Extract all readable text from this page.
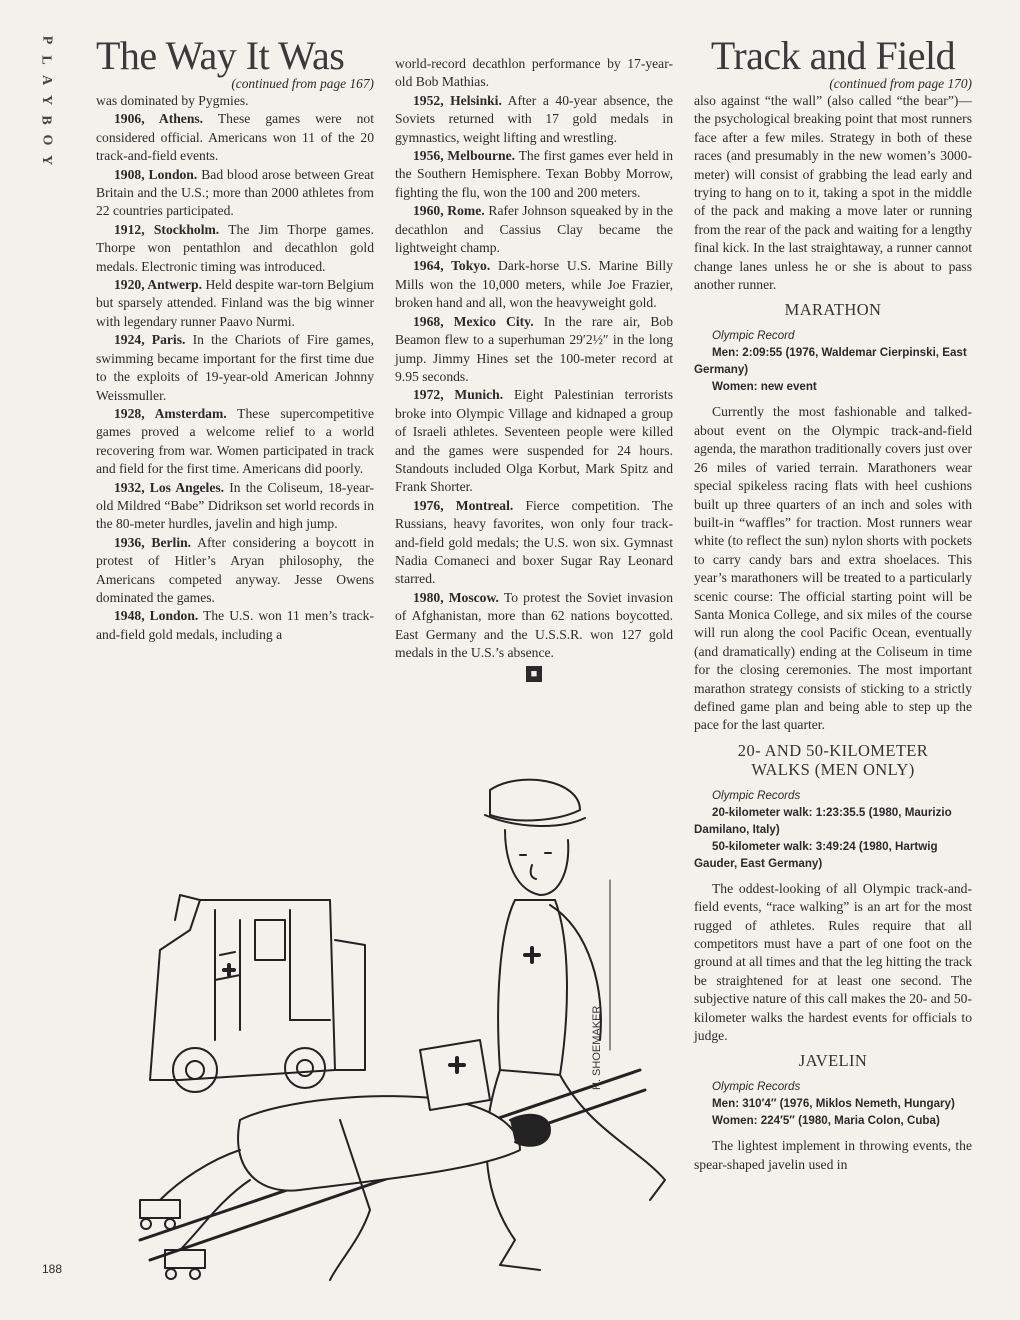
P
L
A
Y
B
O
Y
The Way It Was

(continued from page 167)

was dominated by Pygmies.

1906, Athens. These games were not considered official. Americans won 11 of the 20 track-and-field events.

1908, London. Bad blood arose between Great Britain and the U.S.; more than 2000 athletes from 22 countries participated.

1912, Stockholm. The Jim Thorpe games. Thorpe won pentathlon and decathlon gold medals. Electronic timing was introduced.

1920, Antwerp. Held despite war-torn Belgium but sparsely attended. Finland was the big winner with legendary runner Paavo Nurmi.

1924, Paris. In the Chariots of Fire games, swimming became important for the first time due to the exploits of 19-year-old American Johnny Weissmuller.

1928, Amsterdam. These supercompetitive games proved a welcome relief to a world recovering from war. Women participated in track and field for the first time. Americans did poorly.

1932, Los Angeles. In the Coliseum, 18-year-old Mildred “Babe” Didrikson set world records in the 80-meter hurdles, javelin and high jump.

1936, Berlin. After considering a boycott in protest of Hitler’s Aryan philosophy, the Americans competed anyway. Jesse Owens dominated the games.

1948, London. The U.S. won 11 men’s track-and-field gold medals, including a

world-record decathlon performance by 17-year-old Bob Mathias.

1952, Helsinki. After a 40-year absence, the Soviets returned with 17 gold medals in gymnastics, weight lifting and wrestling.

1956, Melbourne. The first games ever held in the Southern Hemisphere. Texan Bobby Morrow, fighting the flu, won the 100 and 200 meters.

1960, Rome. Rafer Johnson squeaked by in the decathlon and Cassius Clay became the lightweight champ.

1964, Tokyo. Dark-horse U.S. Marine Billy Mills won the 10,000 meters, while Joe Frazier, broken hand and all, won the heavyweight gold.

1968, Mexico City. In the rare air, Bob Beamon flew to a superhuman 29′2½″ in the long jump. Jimmy Hines set the 100-meter record at 9.95 seconds.

1972, Munich. Eight Palestinian terrorists broke into Olympic Village and kidnaped a group of Israeli athletes. Seventeen people were killed and the games were suspended for 24 hours. Standouts included Olga Korbut, Mark Spitz and Frank Shorter.

1976, Montreal. Fierce competition. The Russians, heavy favorites, won only four track-and-field gold medals; the U.S. won six. Gymnast Nadia Comaneci and boxer Sugar Ray Leonard starred.

1980, Moscow. To protest the Soviet invasion of Afghanistan, more than 62 nations boycotted. East Germany and the U.S.S.R. won 127 gold medals in the U.S.’s absence.

■
Track and Field

(continued from page 170)

also against “the wall” (also called “the bear”)—the psychological breaking point that most runners face after a few miles. Strategy in both of these races (and presumably in the new women’s 3000-meter) will consist of grabbing the lead early and trying to hang on to it, taking a spot in the middle of the pack and making a move later or running from the rear of the pack and waiting for a lengthy final kick. In the last straightaway, a runner cannot change lanes unless he or she is about to pass another runner.

MARATHON

Olympic Record

Men: 2:09:55 (1976, Waldemar Cierpinski, East Germany)

Women: new event

Currently the most fashionable and talked-about event on the Olympic track-and-field agenda, the marathon traditionally covers just over 26 miles of varied terrain. Marathoners wear special spikeless racing flats with heel cushions built up three quarters of an inch and soles with built-in “waffles” for traction. Most runners wear white (to reflect the sun) nylon shorts with pockets to carry candy bars and extra shoelaces. This year’s marathoners will be treated to a particularly scenic course: The official starting point will be Santa Monica College, and six miles of the course will run along the cool Pacific Ocean, eventually (and dramatically) ending at the Coliseum in time for the closing ceremonies. The most important marathon strategy consists of sticking to a strictly defined game plan and being able to step up the pace for the last quarter.

20- AND 50-KILOMETER
WALKS (MEN ONLY)

Olympic Records

20-kilometer walk: 1:23:35.5 (1980, Maurizio Damilano, Italy)

50-kilometer walk: 3:49:24 (1980, Hartwig Gauder, East Germany)

The oddest-looking of all Olympic track-and-field events, “race walking” is an art for the most rugged of athletes. Rules require that all competitors must have a part of one foot on the ground at all times and that the leg hitting the track be straightened for at least one second. The subjective nature of this call makes the 20- and 50-kilometer walks the hardest events for officials to judge.

JAVELIN

Olympic Records

Men: 310′4″ (1976, Miklos Nemeth, Hungary)

Women: 224′5″ (1980, Maria Colon, Cuba)

The lightest implement in throwing events, the spear-shaped javelin used in

H. SHOEMAKER
188
